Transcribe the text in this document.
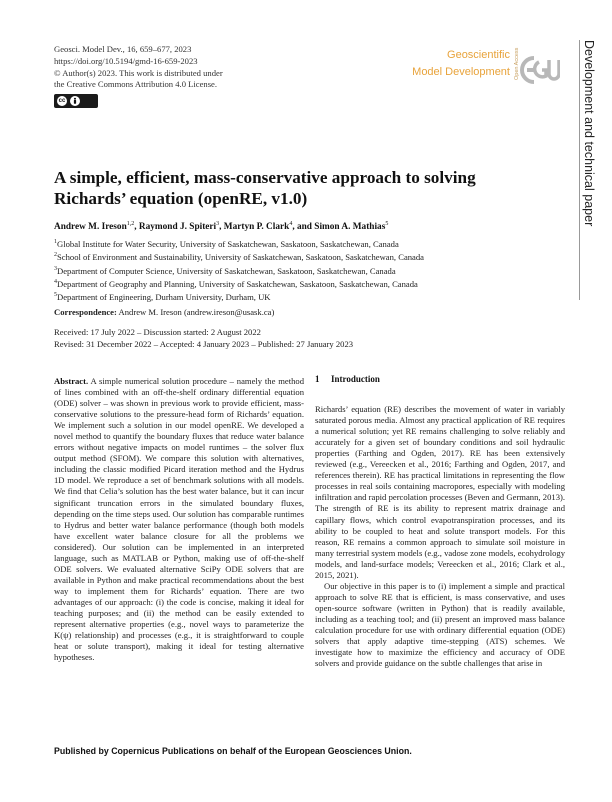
Geosci. Model Dev., 16, 659–677, 2023
https://doi.org/10.5194/gmd-16-659-2023
© Author(s) 2023. This work is distributed under
the Creative Commons Attribution 4.0 License.
cc
Geoscientific
Model Development Open Access	Development and technical paper
A simple, efficient, mass-conservative approach to solving
Richards’ equation (openRE, v1.0)
Andrew M. Ireson$^{1,2}$, Raymond J. Spiteri$^3$, Martyn P. Clark$^4$, and Simon A. Mathias$^5$
$^1$Global Institute for Water Security, University of Saskatchewan, Saskatoon, Saskatchewan, Canada
$^2$School of Environment and Sustainability, University of Saskatchewan, Saskatoon, Saskatchewan, Canada
$^3$Department of Computer Science, University of Saskatchewan, Saskatoon, Saskatchewan, Canada
$^4$Department of Geography and Planning, University of Saskatchewan, Saskatoon, Saskatchewan, Canada
$^5$Department of Engineering, Durham University, Durham, UK
Correspondence: Andrew M. Ireson (andrew.ireson@usask.ca)
Received: 17 July 2022 – Discussion started: 2 August 2022
Revised: 31 December 2022 – Accepted: 4 January 2023 – Published: 27 January 2023
Abstract. A simple numerical solution procedure – namely the method of lines combined with an off-the-shelf ordinary differential equation (ODE) solver – was shown in previous work to provide efficient, mass-conservative solutions to the pressure-head form of Richards’ equation. We implement such a solution in our model openRE. We developed a novel method to quantify the boundary fluxes that reduce water balance errors without negative impacts on model runtimes – the solver flux output method (SFOM). We compare this solution with alternatives, including the classic modified Picard iteration method and the Hydrus 1D model. We reproduce a set of benchmark solutions with all models. We find that Celia’s solution has the best water balance, but it can incur significant truncation errors in the simulated boundary fluxes, depending on the time steps used. Our solution has comparable runtimes to Hydrus and better water balance performance (though both models have excellent water balance closure for all the problems we considered). Our solution can be implemented in an interpreted language, such as MATLAB or Python, making use of off-the-shelf ODE solvers. We evaluated alternative SciPy ODE solvers that are available in Python and make practical recommendations about the best way to implement them for Richards’ equation. There are two advantages of our approach: (i) the code is concise, making it ideal for teaching purposes; and (ii) the method can be easily extended to represent alternative properties (e.g., novel ways to parameterize the K(ψ) relationship) and processes (e.g., it is straightforward to couple heat or solute transport), making it ideal for testing alternative hypotheses.
1 Introduction

Richards’ equation (RE) describes the movement of water in variably saturated porous media. Almost any practical application of RE requires a numerical solution; yet RE remains challenging to solve reliably and accurately for a given set of boundary conditions and soil hydraulic properties (Farthing and Ogden, 2017). RE has been extensively reviewed (e.g., Vereecken et al., 2016; Farthing and Ogden, 2017, and references therein). RE has practical limitations in representing the flow processes in real soils containing macropores, especially with modeling infiltration and rapid percolation processes (Beven and Germann, 2013). The strength of RE is its ability to represent matrix drainage and capillary flows, which control evapotranspiration processes, and its ability to be coupled to heat and solute transport models. For this reason, RE remains a common approach to simulate soil moisture in many terrestrial system models (e.g., vadose zone models, ecohydrology models, and land-surface models; Vereecken et al., 2016; Clark et al., 2015, 2021).

Our objective in this paper is to (i) implement a simple and practical approach to solve RE that is efficient, is mass conservative, and uses open-source software (written in Python) that is readily available, including as a teaching tool; and (ii) present an improved mass balance calculation procedure for use with ordinary differential equation (ODE) solvers that apply adaptive time-stepping (ATS) schemes. We investigate how to maximize the efficiency and accuracy of ODE solvers and provide guidance on the subtle challenges that arise in

Published by Copernicus Publications on behalf of the European Geosciences Union.
